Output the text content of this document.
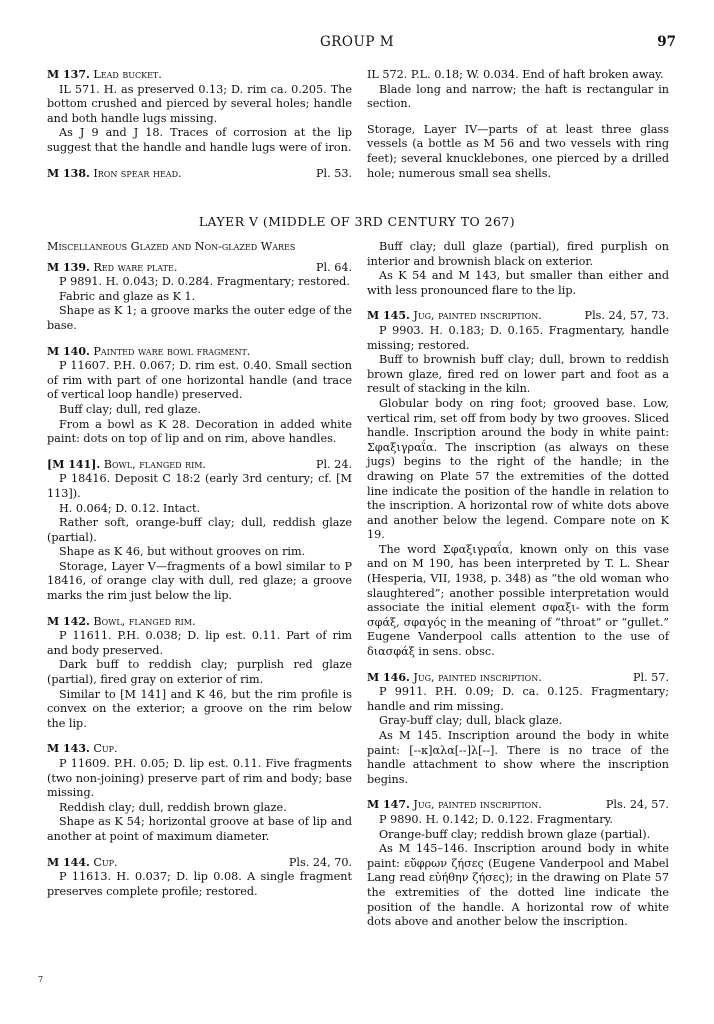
GROUP M	97

M 137. Lead bucket.

IL 571. H. as preserved 0.13; D. rim ca. 0.205. The bottom crushed and pierced by several holes; handle and both handle lugs missing.

As J 9 and J 18. Traces of corrosion at the lip suggest that the handle and handle lugs were of iron.

Pl. 53.
M 138. Iron spear head.

IL 572. P.L. 0.18; W. 0.034. End of haft broken away.

Blade long and narrow; the haft is rectangular in section.

Storage, Layer IV—parts of at least three glass vessels (a bottle as M 56 and two vessels with ring feet); several knucklebones, one pierced by a drilled hole; numerous small sea shells.

LAYER V (MIDDLE OF 3RD CENTURY TO 267)

Miscellaneous Glazed and Non-glazed Wares

Pl. 64.
M 139. Red ware plate.

P 9891. H. 0.043; D. 0.284. Fragmentary; restored.

Fabric and glaze as K 1.

Shape as K 1; a groove marks the outer edge of the base.

M 140. Painted ware bowl fragment.

P 11607. P.H. 0.067; D. rim est. 0.40. Small section of rim with part of one horizontal handle (and trace of vertical loop handle) preserved.

Buff clay; dull, red glaze.

From a bowl as K 28. Decoration in added white paint: dots on top of lip and on rim, above handles.

Pl. 24.
[M 141]. Bowl, flanged rim.

P 18416. Deposit C 18:2 (early 3rd century; cf. [M 113]).

H. 0.064; D. 0.12. Intact.

Rather soft, orange-buff clay; dull, reddish glaze (partial).

Shape as K 46, but without grooves on rim.

Storage, Layer V—fragments of a bowl similar to P 18416, of orange clay with dull, red glaze; a groove marks the rim just below the lip.

M 142. Bowl, flanged rim.

P 11611. P.H. 0.038; D. lip est. 0.11. Part of rim and body preserved.

Dark buff to reddish clay; purplish red glaze (partial), fired gray on exterior of rim.

Similar to [M 141] and K 46, but the rim profile is convex on the exterior; a groove on the rim below the lip.

M 143. Cup.

P 11609. P.H. 0.05; D. lip est. 0.11. Five fragments (two non-joining) preserve part of rim and body; base missing.

Reddish clay; dull, reddish brown glaze.

Shape as K 54; horizontal groove at base of lip and another at point of maximum diameter.

Pls. 24, 70.
M 144. Cup.

P 11613. H. 0.037; D. lip 0.08. A single fragment preserves complete profile; restored.

Buff clay; dull glaze (partial), fired purplish on interior and brownish black on exterior.

As K 54 and M 143, but smaller than either and with less pronounced flare to the lip.

Pls. 24, 57, 73.
M 145. Jug, painted inscription.

P 9903. H. 0.183; D. 0.165. Fragmentary, handle missing; restored.

Buff to brownish buff clay; dull, brown to reddish brown glaze, fired red on lower part and foot as a result of stacking in the kiln.

Globular body on ring foot; grooved base. Low, vertical rim, set off from body by two grooves. Sliced handle. Inscription around the body in white paint: Σφαξιγραΐα. The inscription (as always on these jugs) begins to the right of the handle; in the drawing on Plate 57 the extremities of the dotted line indicate the position of the handle in relation to the inscription. A horizontal row of white dots above and another below the legend. Compare note on K 19.

The word Σφαξιγραΐα, known only on this vase and on M 190, has been interpreted by T. L. Shear (Hesperia, VII, 1938, p. 348) as “the old woman who slaughtered”; another possible interpretation would associate the initial element σφαξι- with the form σφάξ, σφαγός in the meaning of “throat” or “gullet.” Eugene Vanderpool calls attention to the use of διασφάξ in sens. obsc.

Pl. 57.
M 146. Jug, painted inscription.

P 9911. P.H. 0.09; D. ca. 0.125. Fragmentary; handle and rim missing.

Gray-buff clay; dull, black glaze.

As M 145. Inscription around the body in white paint: [--κ]αλα[--]λ[--]. There is no trace of the handle attachment to show where the inscription begins.

Pls. 24, 57.
M 147. Jug, painted inscription.

P 9890. H. 0.142; D. 0.122. Fragmentary.

Orange-buff clay; reddish brown glaze (partial).

As M 145–146. Inscription around body in white paint: εὔφρων ζήσες (Eugene Vanderpool and Mabel Lang read εὐήθην ζήσες); in the drawing on Plate 57 the extremities of the dotted line indicate the position of the handle. A horizontal row of white dots above and another below the inscription.

7
